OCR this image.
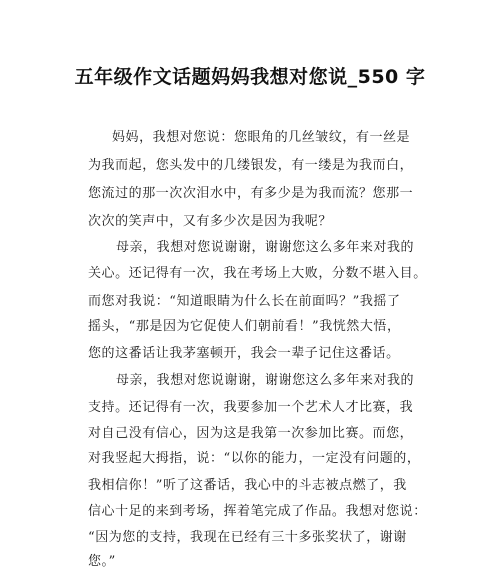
五年级作文话题妈妈我想对您说_550 字
妈妈，我想对您说：您眼角的几丝皱纹，有一丝是
为我而起，您头发中的几缕银发，有一缕是为我而白，
您流过的那一次次泪水中，有多少是为我而流？您那一
次次的笑声中，又有多少次是因为我呢？
母亲，我想对您说谢谢，谢谢您这么多年来对我的
关心。还记得有一次，我在考场上大败，分数不堪入目。
而您对我说：“知道眼睛为什么长在前面吗？”我摇了
摇头，“那是因为它促使人们朝前看！”我恍然大悟，
您的这番话让我茅塞顿开，我会一辈子记住这番话。
母亲，我想对您说谢谢，谢谢您这么多年来对我的
支持。还记得有一次，我要参加一个艺术人才比赛，我
对自己没有信心，因为这是我第一次参加比赛。而您，
对我竖起大拇指，说：“以你的能力，一定没有问题的，
我相信你！”听了这番话，我心中的斗志被点燃了，我
信心十足的来到考场，挥着笔完成了作品。我想对您说：
“因为您的支持，我现在已经有三十多张奖状了，谢谢
您。”
